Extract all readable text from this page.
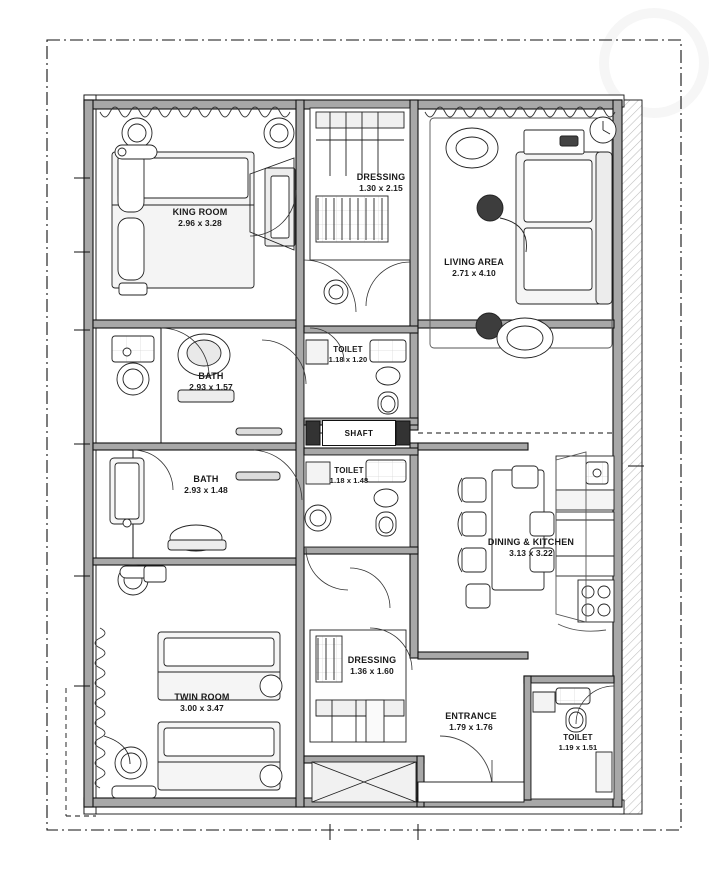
KING ROOM
2.96 x 3.28
DRESSING
1.30 x 2.15
LIVING AREA
2.71 x 4.10
TOILET
1.18 x 1.20
BATH
2.93 x 1.57
BATH
2.93 x 1.48
TOILET
1.18 x 1.48
DINING & KITCHEN
3.13 x 3.22
DRESSING
1.36 x 1.60
TWIN ROOM
3.00 x 3.47
ENTRANCE
1.79 x 1.76
TOILET
1.19 x 1.51
SHAFT
